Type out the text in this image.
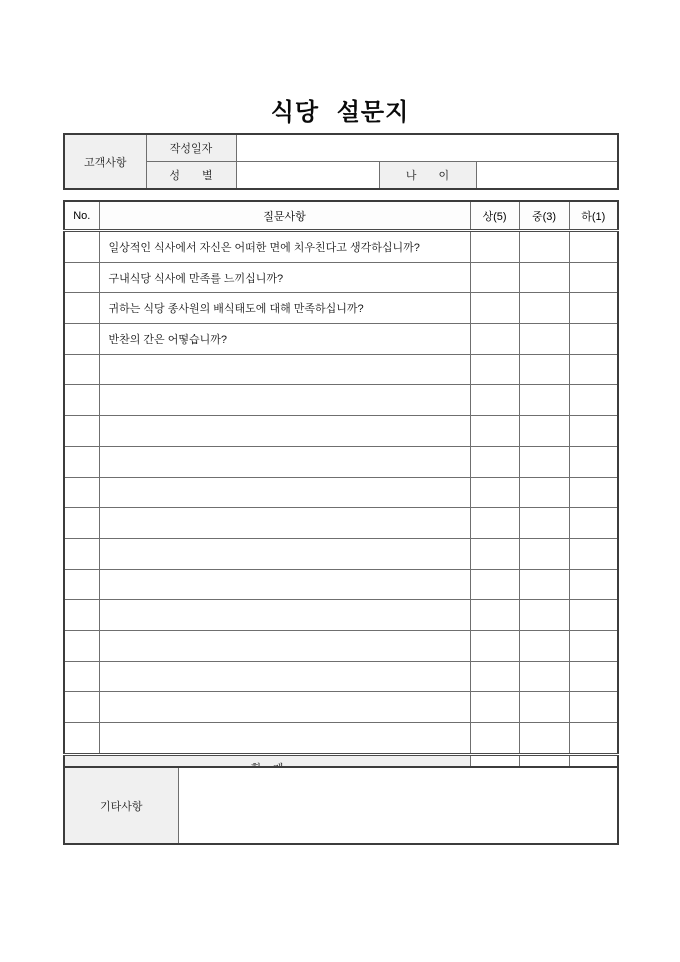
식당 설문지
고객사항	작성일자			
	성　　별		나　　이	
No.	질문사항	상(5)	중(3)	하(1)
	일상적인 식사에서 자신은 어떠한 면에 치우친다고 생각하십니까?			
	구내식당 식사에 만족를 느끼십니까?			
	귀하는 식당 종사원의 배식태도에 대해 만족하십니까?			
	반찬의 간은 어떻습니까?			

기타사항	
